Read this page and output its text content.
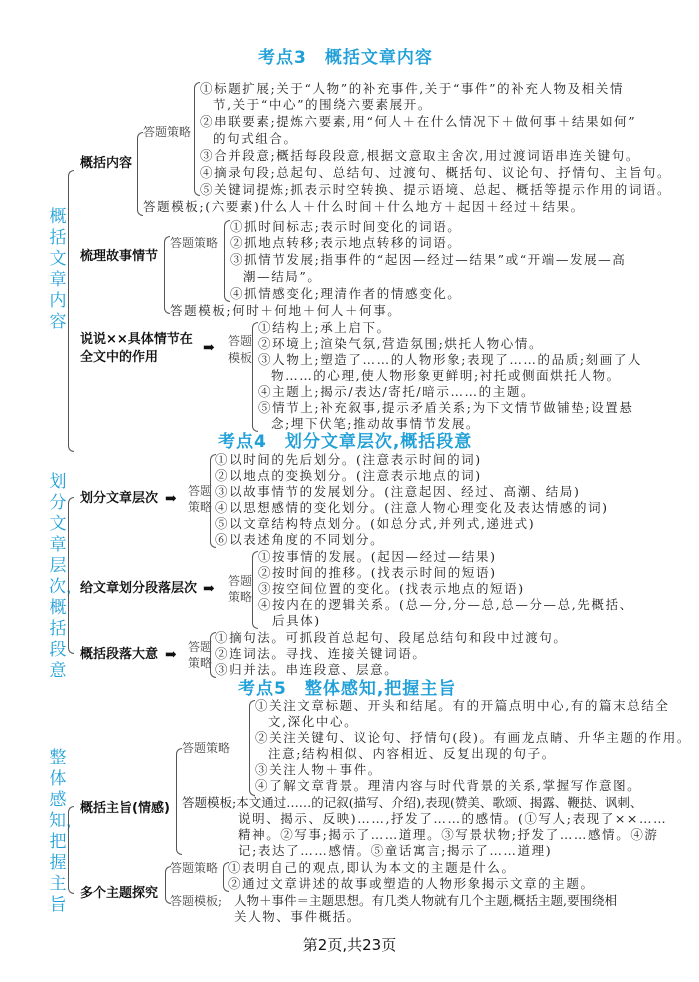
考点3　概括文章内容
概括文章内容
概括内容
答题策略
①标题扩展;关于“人物”的补充事件,关于“事件”的补充人物及相关情
节,关于“中心”的围绕六要素展开。
②串联要素;提炼六要素,用“何人＋在什么情况下＋做何事＋结果如何”
的句式组合。
③合并段意;概括每段段意,根据文意取主舍次,用过渡词语串连关键句。
④摘录句段;总起句、总结句、过渡句、概括句、议论句、抒情句、主旨句。
⑤关键词提炼;抓表示时空转换、提示语境、总起、概括等提示作用的词语。
答题模板;(六要素)什么人＋什么时间＋什么地方＋起因＋经过＋结果。
梳理故事情节
答题策略
①抓时间标志;表示时间变化的词语。
②抓地点转移;表示地点转移的词语。
③抓情节发展;指事件的“起因—经过—结果”或“开端—发展—高
潮—结局”。
④抓情感变化;理清作者的情感变化。
答题模板;何时＋何地＋何人＋何事。
说说××具体情节在
全文中的作用
➡ 答题
模板
①结构上;承上启下。
②环境上;渲染气氛,营造氛围;烘托人物心情。
③人物上;塑造了……的人物形象;表现了……的品质;刻画了人
物……的心理,使人物形象更鲜明;衬托或侧面烘托人物。
④主题上;揭示/表达/寄托/暗示……的主题。
⑤情节上;补充叙事,提示矛盾关系;为下文情节做铺垫;设置悬
念;埋下伏笔;推动故事情节发展。
考点4　划分文章层次,概括段意
划分文章层次，概括段意
划分文章层次 ➡ 答题
策略
①以时间的先后划分。(注意表示时间的词)
②以地点的变换划分。(注意表示地点的词)
③以故事情节的发展划分。(注意起因、经过、高潮、结局)
④以思想感情的变化划分。(注意人物心理变化及表达情感的词)
⑤以文章结构特点划分。(如总分式,并列式,递进式)
⑥以表述角度的不同划分。
给文章划分段落层次 ➡ 答题
策略
①按事情的发展。(起因—经过—结果)
②按时间的推移。(找表示时间的短语)
③按空间位置的变化。(找表示地点的短语)
④按内在的逻辑关系。(总—分,分—总,总—分—总,先概括、
后具体)
概括段落大意 ➡ 答题
策略
①摘句法。可抓段首总起句、段尾总结句和段中过渡句。
②连词法。寻找、连接关键词语。
③归并法。串连段意、层意。
考点5　整体感知,把握主旨
整体感知，把握主旨
概括主旨(情感)
答题策略
①关注文章标题、开头和结尾。有的开篇点明中心,有的篇末总结全
文,深化中心。
②关注关键句、议论句、抒情句(段)。有画龙点睛、升华主题的作用。
注意;结构相似、内容相近、反复出现的句子。
③关注人物＋事件。
④了解文章背景。理清内容与时代背景的关系,掌握写作意图。
答题模板;本文通过……的记叙(描写、介绍),表现(赞美、歌颂、揭露、鞭挞、讽刺、
说明、揭示、反映)……,抒发了……的感情。(①写人;表现了××……
精神。②写事;揭示了……道理。③写景状物;抒发了……感情。④游
记;表达了……感情。⑤童话寓言;揭示了……道理)
多个主题探究
答题策略 ①表明自己的观点,即认为本文的主题是什么。
②通过文章讲述的故事或塑造的人物形象揭示文章的主题。
答题模板; 人物＋事件＝主题思想。有几类人物就有几个主题,概括主题,要围绕相
关人物、事件概括。
第2页,共23页
